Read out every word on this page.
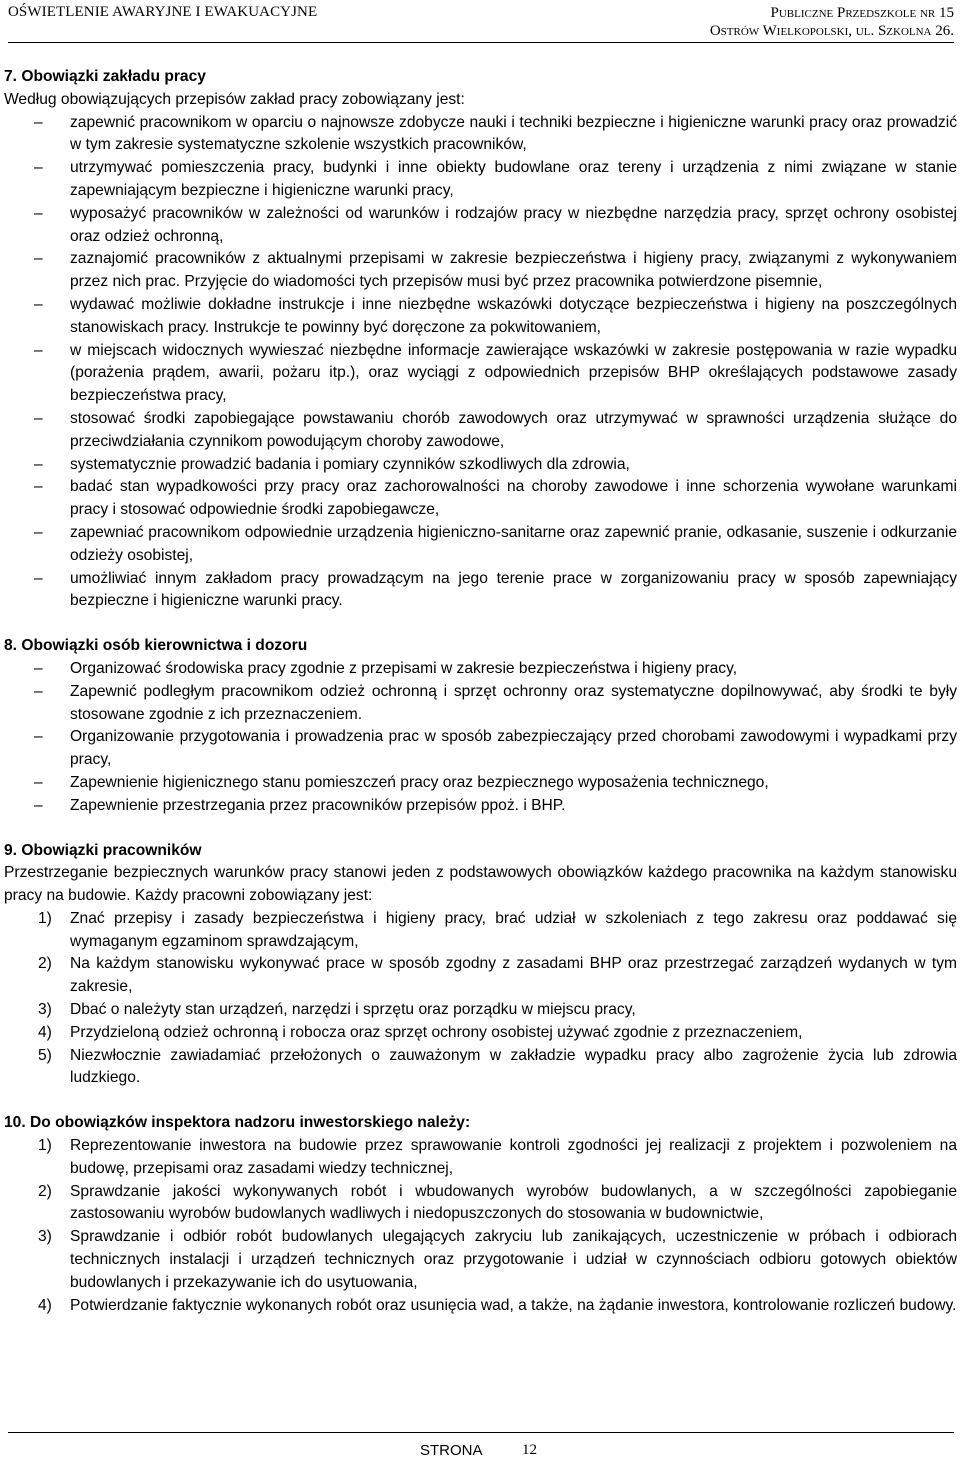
OŚWIETLENIE AWARYJNE I EWAKUACYJNE	Publiczne Przedszkole nr 15
Ostrów Wielkopolski, ul. Szkolna 26.

7. Obowiązki zakładu pracy

Według obowiązujących przepisów zakład pracy zobowiązany jest:

– zapewnić pracownikom w oparciu o najnowsze zdobycze nauki i techniki bezpieczne i higieniczne warunki pracy oraz prowadzić w tym zakresie systematyczne szkolenie wszystkich pracowników,
– utrzymywać pomieszczenia pracy, budynki i inne obiekty budowlane oraz tereny i urządzenia z nimi związane w stanie zapewniającym bezpieczne i higieniczne warunki pracy,
– wyposażyć pracowników w zależności od warunków i rodzajów pracy w niezbędne narzędzia pracy, sprzęt ochrony osobistej oraz odzież ochronną,
– zaznajomić pracowników z aktualnymi przepisami w zakresie bezpieczeństwa i higieny pracy, związanymi z wykonywaniem przez nich prac. Przyjęcie do wiadomości tych przepisów musi być przez pracownika potwierdzone pisemnie,
– wydawać możliwie dokładne instrukcje i inne niezbędne wskazówki dotyczące bezpieczeństwa i higieny na poszczególnych stanowiskach pracy. Instrukcje te powinny być doręczone za pokwitowaniem,
– w miejscach widocznych wywieszać niezbędne informacje zawierające wskazówki w zakresie postępowania w razie wypadku (porażenia prądem, awarii, pożaru itp.), oraz wyciągi z odpowiednich przepisów BHP określających podstawowe zasady bezpieczeństwa pracy,
– stosować środki zapobiegające powstawaniu chorób zawodowych oraz utrzymywać w sprawności urządzenia służące do przeciwdziałania czynnikom powodującym choroby zawodowe,
– systematycznie prowadzić badania i pomiary czynników szkodliwych dla zdrowia,
– badać stan wypadkowości przy pracy oraz zachorowalności na choroby zawodowe i inne schorzenia wywołane warunkami pracy i stosować odpowiednie środki zapobiegawcze,
– zapewniać pracownikom odpowiednie urządzenia higieniczno-sanitarne oraz zapewnić pranie, odkasanie, suszenie i odkurzanie odzieży osobistej,
– umożliwiać innym zakładom pracy prowadzącym na jego terenie prace w zorganizowaniu pracy w sposób zapewniający bezpieczne i higieniczne warunki pracy.

8. Obowiązki osób kierownictwa i dozoru

– Organizować środowiska pracy zgodnie z przepisami w zakresie bezpieczeństwa i higieny pracy,
– Zapewnić podległym pracownikom odzież ochronną i sprzęt ochronny oraz systematyczne dopilnowywać, aby środki te były stosowane zgodnie z ich przeznaczeniem.
– Organizowanie przygotowania i prowadzenia prac w sposób zabezpieczający przed chorobami zawodowymi i wypadkami przy pracy,
– Zapewnienie higienicznego stanu pomieszczeń pracy oraz bezpiecznego wyposażenia technicznego,
– Zapewnienie przestrzegania przez pracowników przepisów ppoż. i BHP.

9. Obowiązki pracowników

Przestrzeganie bezpiecznych warunków pracy stanowi jeden z podstawowych obowiązków każdego pracownika na każdym stanowisku pracy na budowie. Każdy pracowni zobowiązany jest:

1) Znać przepisy i zasady bezpieczeństwa i higieny pracy, brać udział w szkoleniach z tego zakresu oraz poddawać się wymaganym egzaminom sprawdzającym,
2) Na każdym stanowisku wykonywać prace w sposób zgodny z zasadami BHP oraz przestrzegać zarządzeń wydanych w tym zakresie,
3) Dbać o należyty stan urządzeń, narzędzi i sprzętu oraz porządku w miejscu pracy,
4) Przydzieloną odzież ochronną i robocza oraz sprzęt ochrony osobistej używać zgodnie z przeznaczeniem,
5) Niezwłocznie zawiadamiać przełożonych o zauważonym w zakładzie wypadku pracy albo zagrożenie życia lub zdrowia ludzkiego.

10. Do obowiązków inspektora nadzoru inwestorskiego należy:

1) Reprezentowanie inwestora na budowie przez sprawowanie kontroli zgodności jej realizacji z projektem i pozwoleniem na budowę, przepisami oraz zasadami wiedzy technicznej,
2) Sprawdzanie jakości wykonywanych robót i wbudowanych wyrobów budowlanych, a w szczególności zapobieganie zastosowaniu wyrobów budowlanych wadliwych i niedopuszczonych do stosowania w budownictwie,
3) Sprawdzanie i odbiór robót budowlanych ulegających zakryciu lub zanikających, uczestniczenie w próbach i odbiorach technicznych instalacji i urządzeń technicznych oraz przygotowanie i udział w czynnościach odbioru gotowych obiektów budowlanych i przekazywanie ich do usytuowania,
4) Potwierdzanie faktycznie wykonanych robót oraz usunięcia wad, a także, na żądanie inwestora, kontrolowanie rozliczeń budowy.
STRONA	12
